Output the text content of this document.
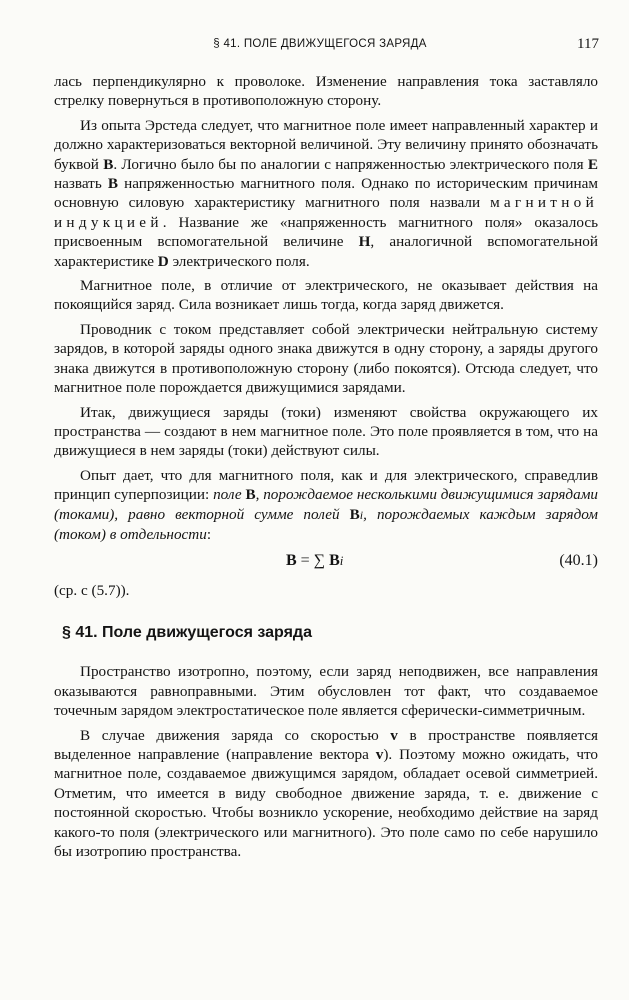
§ 41. ПОЛЕ ДВИЖУЩЕГОСЯ ЗАРЯДА	117

лась перпендикулярно к проволоке. Изменение направления тока заставляло стрелку повернуться в противоположную сторону.

Из опыта Эрстеда следует, что магнитное поле имеет направленный характер и должно характеризоваться векторной величиной. Эту величину принято обозначать буквой B. Логично было бы по аналогии с напряженностью электрического поля E назвать B напряженностью магнитного поля. Однако по историческим причинам основную силовую характеристику магнитного поля назвали магнитной индукцией. Название же «напряженность магнитного поля» оказалось присвоенным вспомогательной величине H, аналогичной вспомогательной характеристике D электрического поля.

Магнитное поле, в отличие от электрического, не оказывает действия на покоящийся заряд. Сила возникает лишь тогда, когда заряд движется.

Проводник с током представляет собой электрически нейтральную систему зарядов, в которой заряды одного знака движутся в одну сторону, а заряды другого знака движутся в противоположную сторону (либо покоятся). Отсюда следует, что магнитное поле порождается движущимися зарядами.

Итак, движущиеся заряды (токи) изменяют свойства окружающего их пространства — создают в нем магнитное поле. Это поле проявляется в том, что на движущиеся в нем заряды (токи) действуют силы.

Опыт дает, что для магнитного поля, как и для электрического, справедлив принцип суперпозиции: поле B, порождаемое несколькими движущимися зарядами (токами), равно векторной сумме полей Bi, порождаемых каждым зарядом (током) в отдельности:

B = ∑ Bi	(40.1)
(ср. с (5.7)).
§ 41. Поле движущегося заряда

Пространство изотропно, поэтому, если заряд неподвижен, все направления оказываются равноправными. Этим обусловлен тот факт, что создаваемое точечным зарядом электростатическое поле является сферически-симметричным.

В случае движения заряда со скоростью v в пространстве появляется выделенное направление (направление вектора v). Поэтому можно ожидать, что магнитное поле, создаваемое движущимся зарядом, обладает осевой симметрией. Отметим, что имеется в виду свободное движение заряда, т. е. движение с постоянной скоростью. Чтобы возникло ускорение, необходимо действие на заряд какого-то поля (электрического или магнитного). Это поле само по себе нарушило бы изотропию пространства.
